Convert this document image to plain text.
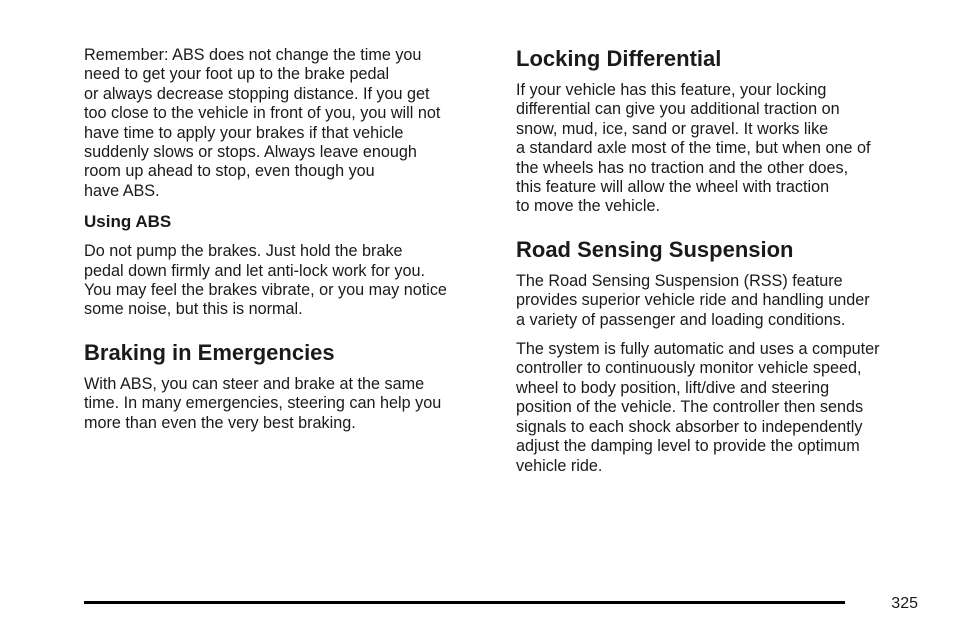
Remember: ABS does not change the time you
need to get your foot up to the brake pedal
or always decrease stopping distance. If you get
too close to the vehicle in front of you, you will not
have time to apply your brakes if that vehicle
suddenly slows or stops. Always leave enough
room up ahead to stop, even though you
have ABS.

Using ABS

Do not pump the brakes. Just hold the brake
pedal down firmly and let anti-lock work for you.
You may feel the brakes vibrate, or you may notice
some noise, but this is normal.

Braking in Emergencies

With ABS, you can steer and brake at the same
time. In many emergencies, steering can help you
more than even the very best braking.

Locking Differential

If your vehicle has this feature, your locking
differential can give you additional traction on
snow, mud, ice, sand or gravel. It works like
a standard axle most of the time, but when one of
the wheels has no traction and the other does,
this feature will allow the wheel with traction
to move the vehicle.

Road Sensing Suspension

The Road Sensing Suspension (RSS) feature
provides superior vehicle ride and handling under
a variety of passenger and loading conditions.

The system is fully automatic and uses a computer
controller to continuously monitor vehicle speed,
wheel to body position, lift/dive and steering
position of the vehicle. The controller then sends
signals to each shock absorber to independently
adjust the damping level to provide the optimum
vehicle ride.

325
